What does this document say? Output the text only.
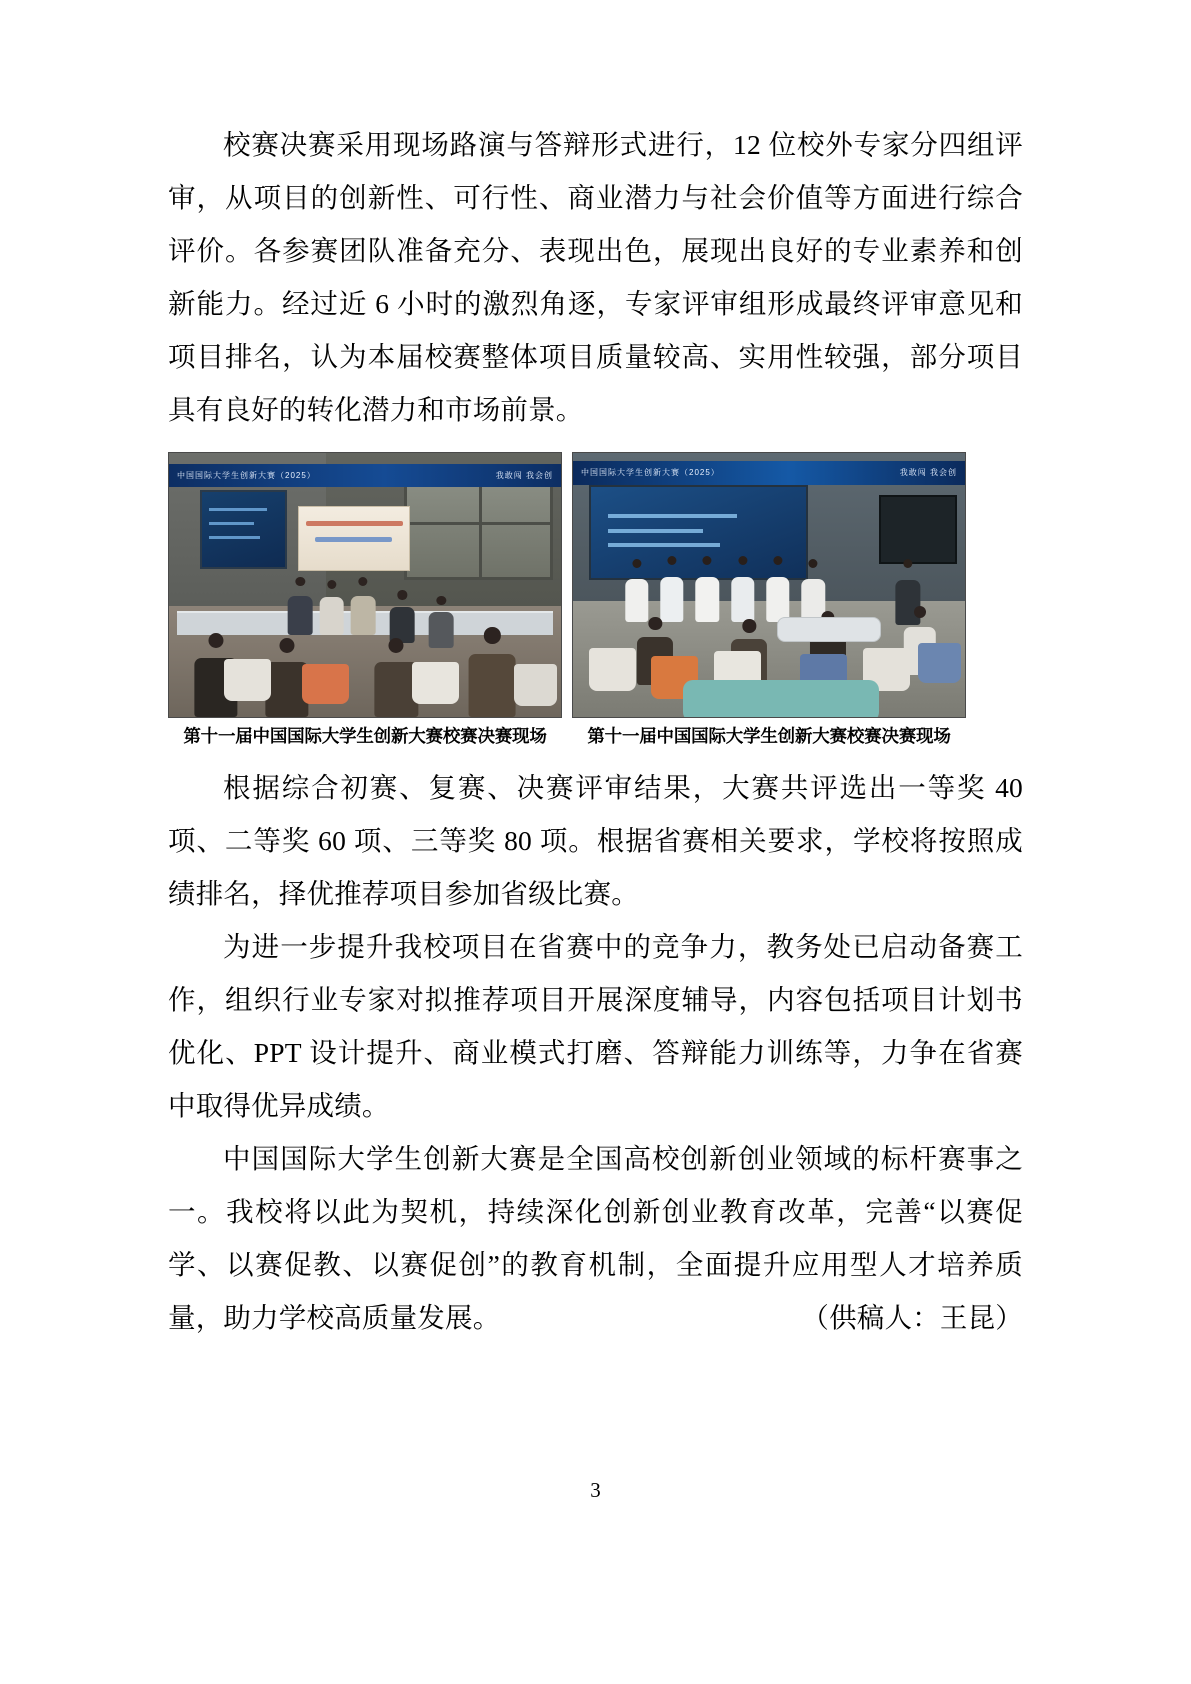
校赛决赛采用现场路演与答辩形式进行，12 位校外专家分四组评审，从项目的创新性、可行性、商业潜力与社会价值等方面进行综合评价。各参赛团队准备充分、表现出色，展现出良好的专业素养和创新能力。经过近 6 小时的激烈角逐，专家评审组形成最终评审意见和项目排名，认为本届校赛整体项目质量较高、实用性较强，部分项目具有良好的转化潜力和市场前景。

中国国际大学生创新大赛（2025）	我敢闯 我会创
第十一届中国国际大学生创新大赛校赛决赛现场
中国国际大学生创新大赛（2025）	我敢闯 我会创
第十一届中国国际大学生创新大赛校赛决赛现场

根据综合初赛、复赛、决赛评审结果，大赛共评选出一等奖 40 项、二等奖 60 项、三等奖 80 项。根据省赛相关要求，学校将按照成绩排名，择优推荐项目参加省级比赛。

为进一步提升我校项目在省赛中的竞争力，教务处已启动备赛工作，组织行业专家对拟推荐项目开展深度辅导，内容包括项目计划书优化、PPT 设计提升、商业模式打磨、答辩能力训练等，力争在省赛中取得优异成绩。

中国国际大学生创新大赛是全国高校创新创业领域的标杆赛事之一。我校将以此为契机，持续深化创新创业教育改革，完善“以赛促学、以赛促教、以赛促创”的教育机制，全面提升应用型人才培养质量，助力学校高质量发展。	（供稿人：王昆）

3
